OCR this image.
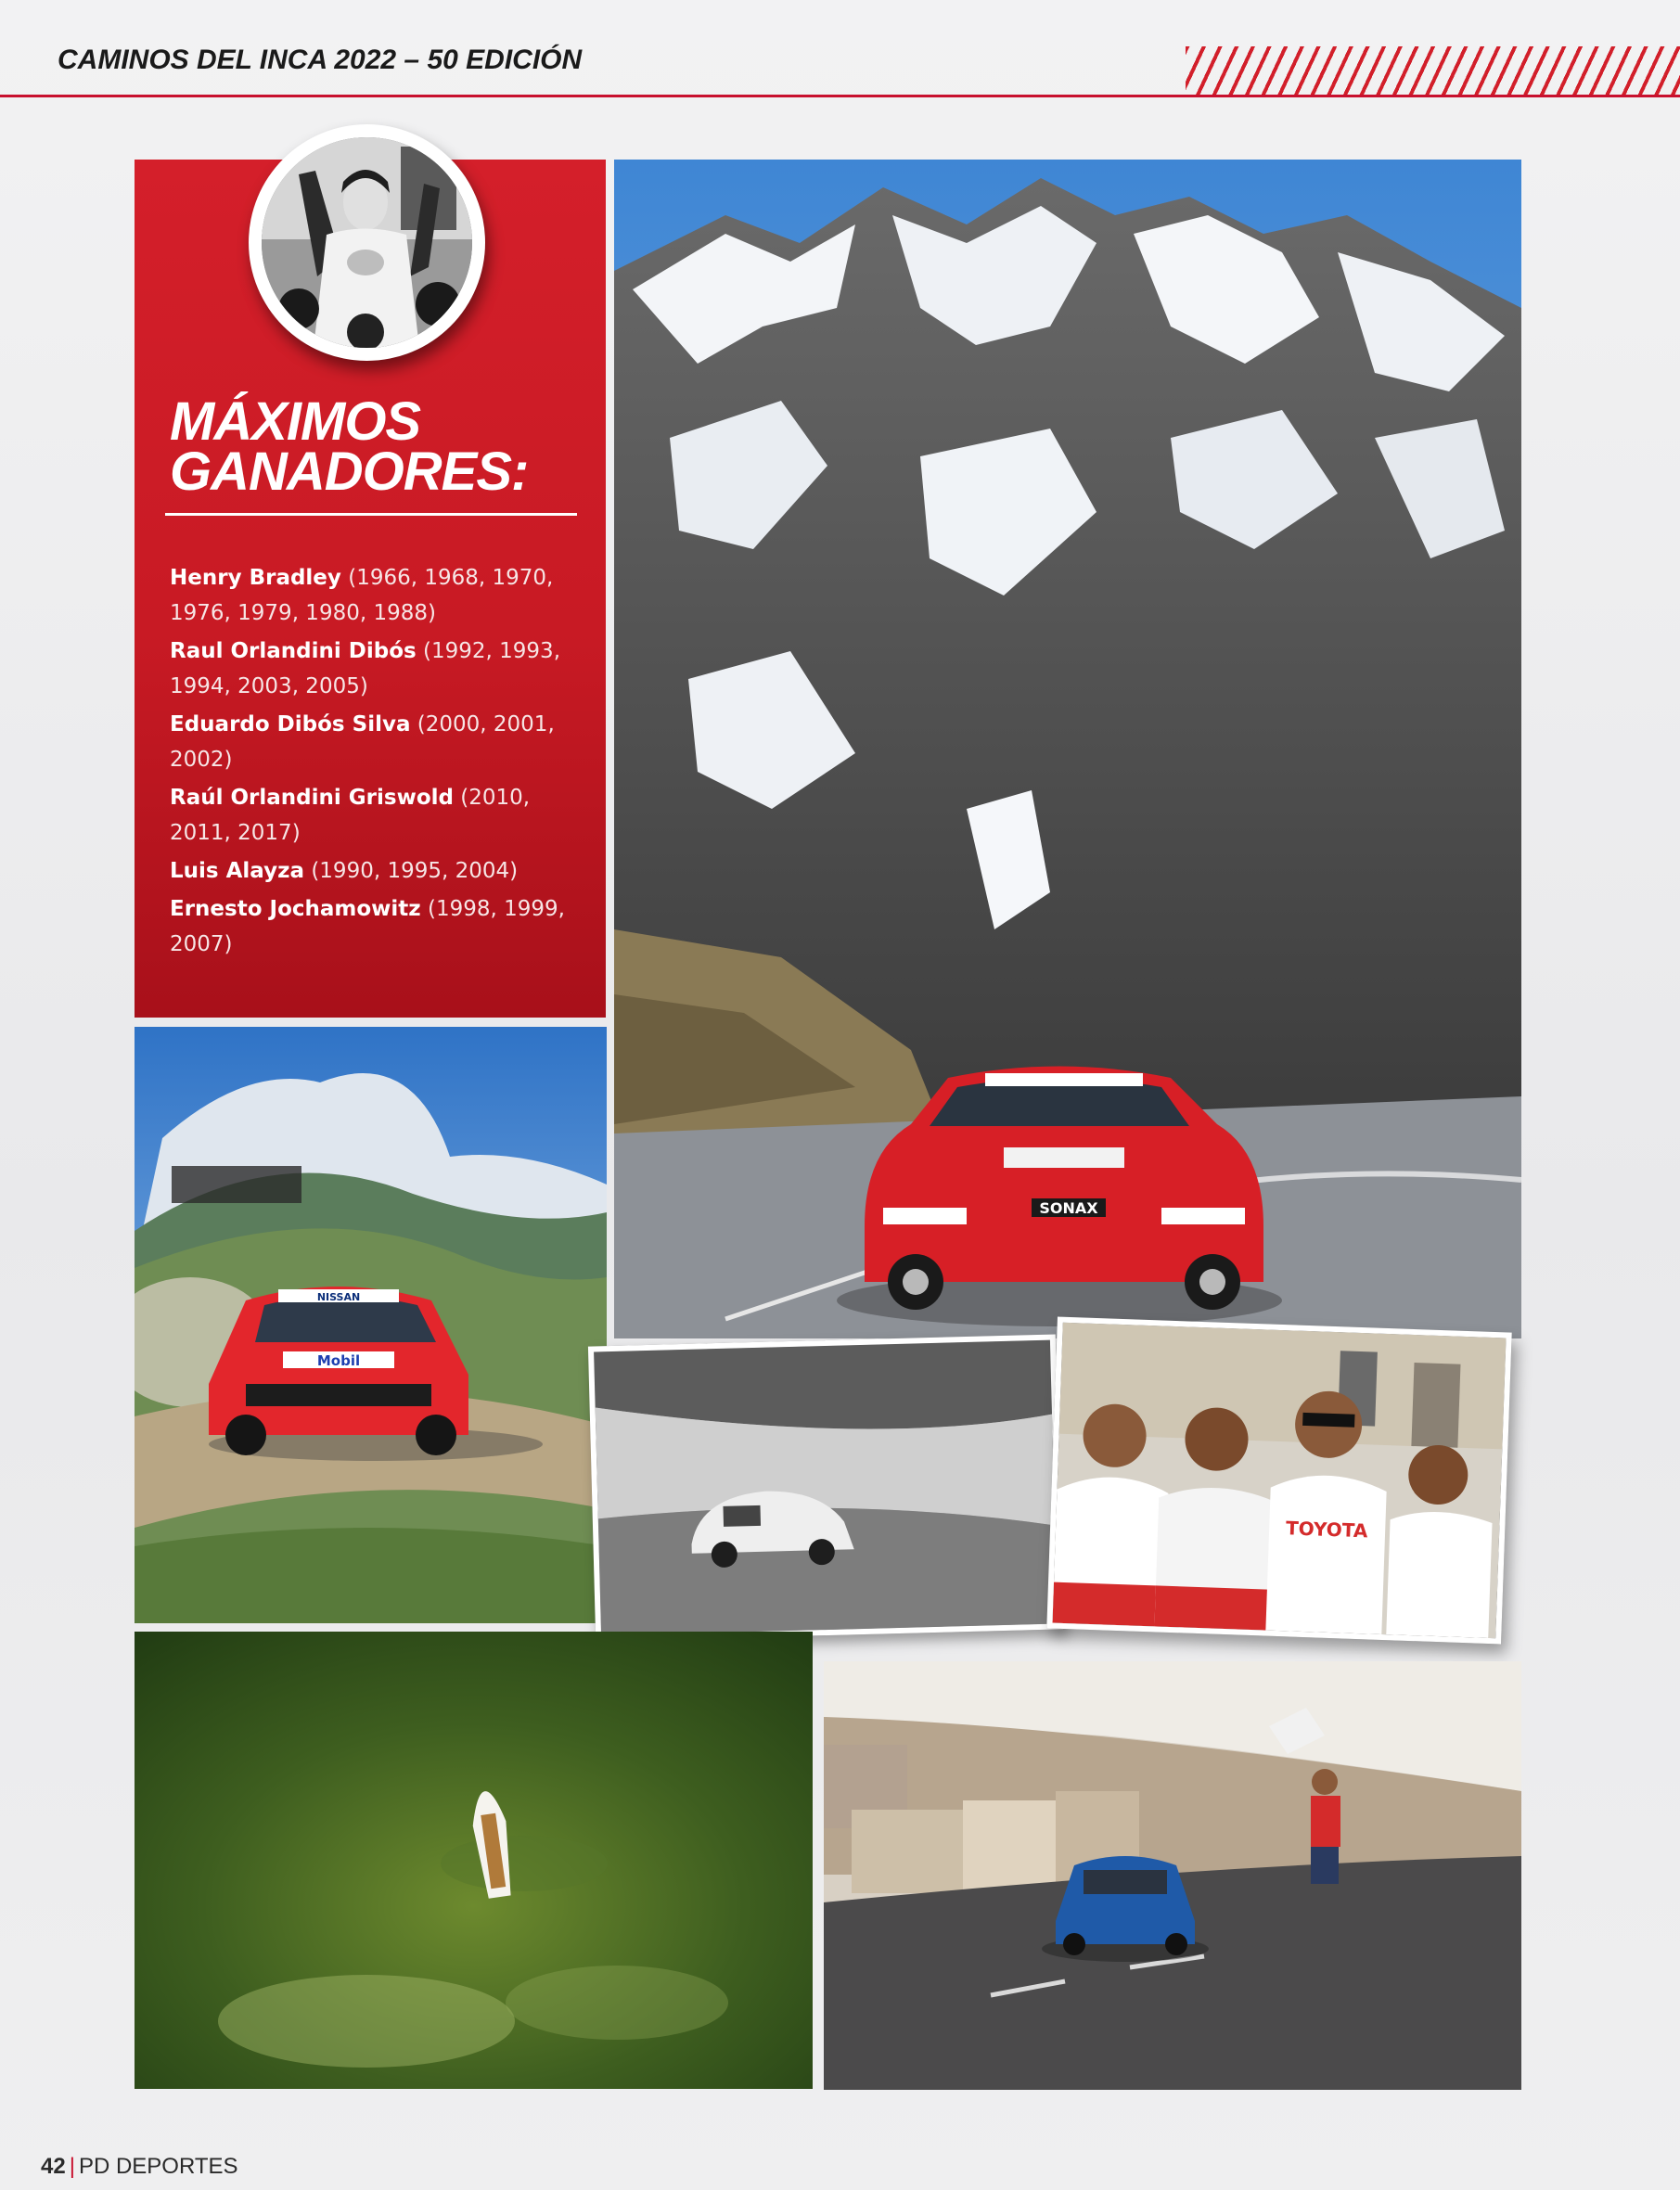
CAMINOS DEL INCA 2022 – 50 EDICIÓN
MÁXIMOS
GANADORES:
Henry Bradley (1966, 1968, 1970, 1976, 1979, 1980, 1988)
Raul Orlandini Dibós (1992, 1993, 1994, 2003, 2005)
Eduardo Dibós Silva (2000, 2001, 2002)
Raúl Orlandini Griswold (2010, 2011, 2017)
Luis Alayza (1990, 1995, 2004)
Ernesto Jochamowitz (1998, 1999, 2007)
SONAX
NISSAN
Mobil
TOYOTA
42 | PD DEPORTES
